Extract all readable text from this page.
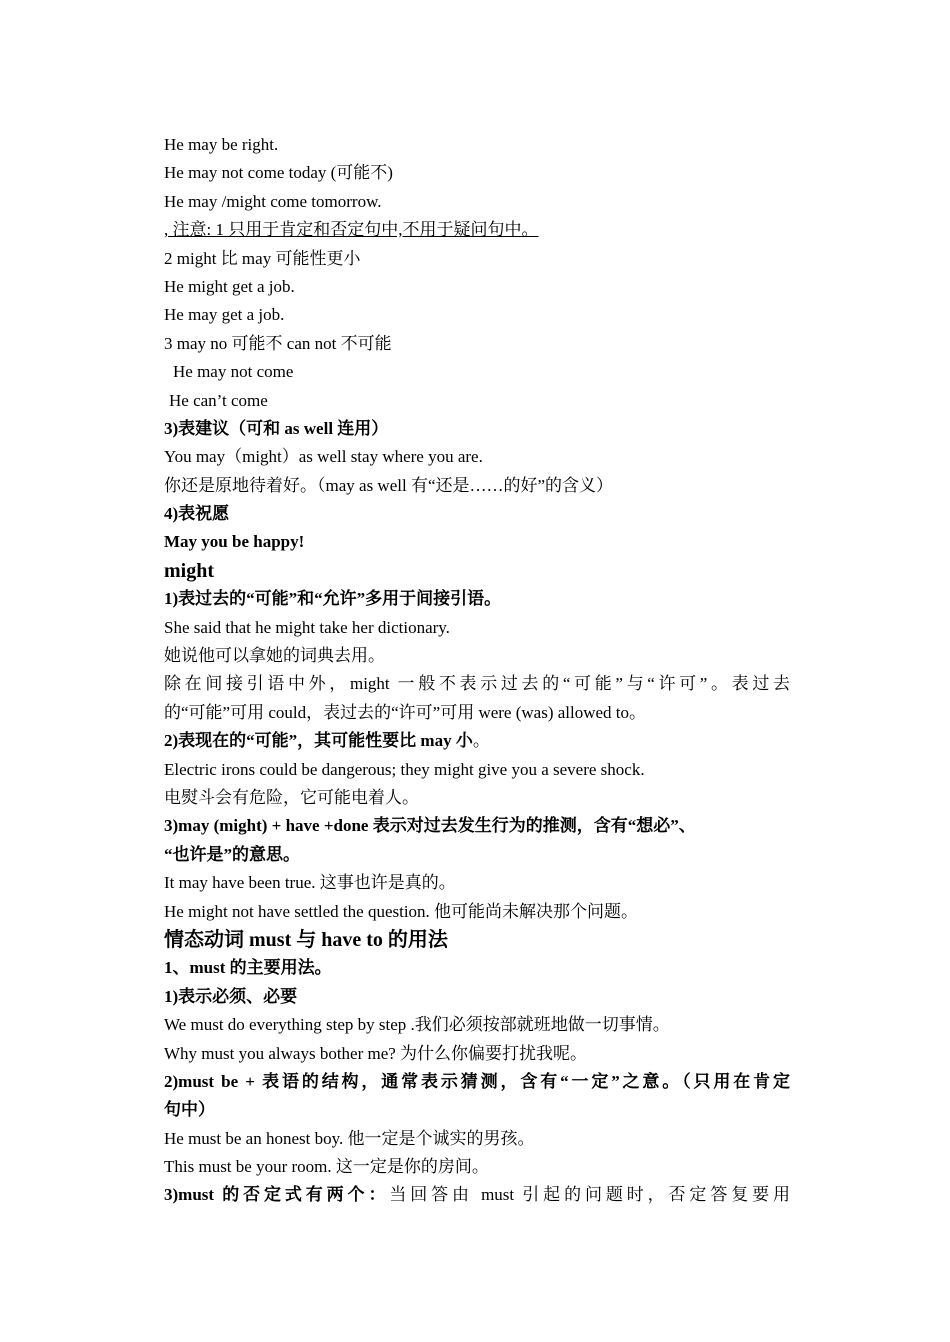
He may be right.
He may not come today (可能不)
He may /might come tomorrow.
, 注意: 1 只用于肯定和否定句中,不用于疑问句中。
2 might 比 may 可能性更小
He might get a job.
He may get a job.
3 may no 可能不 can not 不可能
He may not come
He can’t come
3)表建议（可和 as well 连用）
You may（might）as well stay where you are.
你还是原地待着好。（may as well 有“还是……的好”的含义）
4)表祝愿
May you be happy!
might
1)表过去的“可能”和“允许”多用于间接引语。
She said that he might take her dictionary.
她说他可以拿她的词典去用。
除在间接引语中外，might 一般不表示过去的“可能”与“许可”。表过去
的“可能”可用 could，表过去的“许可”可用 were (was) allowed to。
2)表现在的“可能”，其可能性要比 may 小。
Electric irons could be dangerous; they might give you a severe shock.
电熨斗会有危险，它可能电着人。
3)may (might) + have +done 表示对过去发生行为的推测，含有“想必”、
“也许是”的意思。
It may have been true. 这事也许是真的。
He might not have settled the question. 他可能尚未解决那个问题。
情态动词 must 与 have to 的用法
1、must 的主要用法。
1)表示必须、必要
We must do everything step by step .我们必须按部就班地做一切事情。
Why must you always bother me? 为什么你偏要打扰我呢。
2)must be + 表语的结构，通常表示猜测，含有“一定”之意。（只用在肯定
句中）
He must be an honest boy. 他一定是个诚实的男孩。
This must be your room. 这一定是你的房间。
3)must 的否定式有两个：当回答由 must 引起的问题时，否定答复要用
